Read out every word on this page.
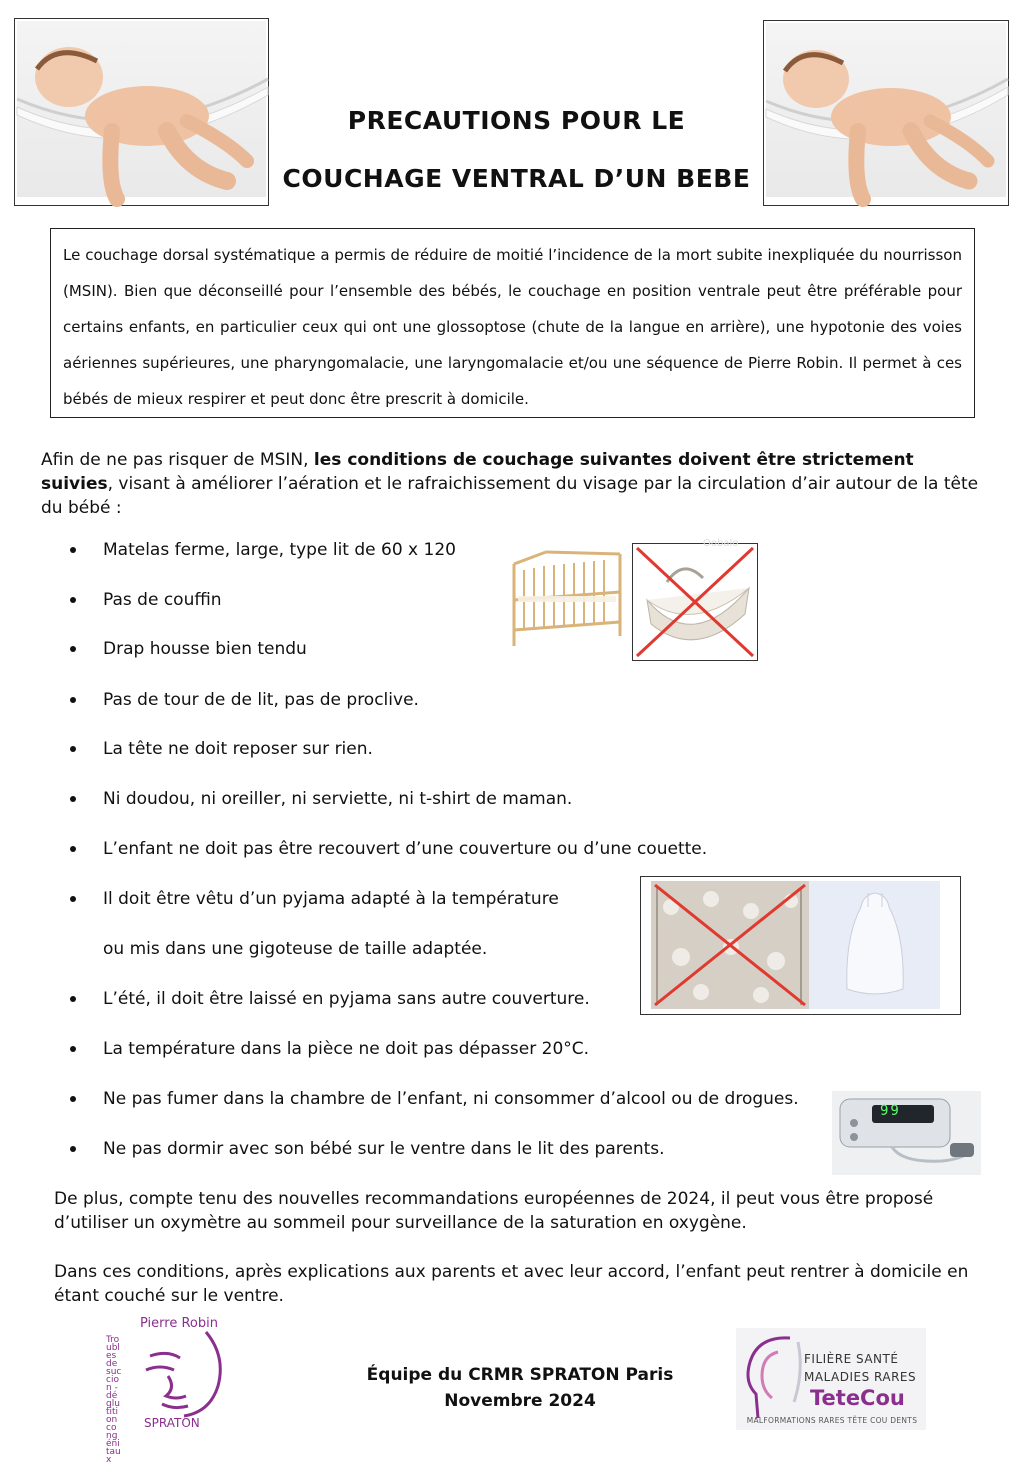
PRECAUTIONS POUR LE
COUCHAGE VENTRAL D’UN BEBE
Le couchage dorsal systématique a permis de réduire de moitié l’incidence de la mort subite inexpliquée du nourrisson (MSIN). Bien que déconseillé pour l’ensemble des bébés, le couchage en position ventrale peut être préférable pour certains enfants, en particulier ceux qui ont une glossoptose (chute de la langue en arrière), une hypotonie des voies aériennes supérieures, une pharyngomalacie, une laryngomalacie et/ou une séquence de Pierre Robin. Il permet à ces bébés de mieux respirer et peut donc être prescrit à domicile.
Afin de ne pas risquer de MSIN, les conditions de couchage suivantes doivent être strictement suivies, visant à améliorer l’aération et le rafraichissement du visage par la circulation d’air autour de la tête du bébé :
Matelas ferme, large, type lit de 60 x 120
Pas de couffin
Drap housse bien tendu
Pas de tour de de lit, pas de proclive.
La tête ne doit reposer sur rien.
Ni doudou, ni oreiller, ni serviette, ni t-shirt de maman.
L’enfant ne doit pas être recouvert d’une couverture ou d’une couette.
Il doit être vêtu d’un pyjama adapté à la température
ou mis dans une gigoteuse de taille adaptée.
L’été, il doit être laissé en pyjama sans autre couverture.
La température dans la pièce ne doit pas dépasser 20°C.
Ne pas fumer dans la chambre de l’enfant, ni consommer d’alcool ou de drogues.
Ne pas dormir avec son bébé sur le ventre dans le lit des parents.
Oobalo
99
De plus, compte tenu des nouvelles recommandations européennes de 2024, il peut vous être proposé d’utiliser un oxymètre au sommeil pour surveillance de la saturation en oxygène.
Dans ces conditions, après explications aux parents et avec leur accord, l’enfant peut rentrer à domicile en étant couché sur le ventre.
Pierre Robin
Troubles de succion - déglutition congénitaux
SPRATON
Équipe du CRMR SPRATON Paris
Novembre 2024
FILIÈRE SANTÉ
MALADIES RARES
TeteCou
MALFORMATIONS RARES TÊTE COU DENTS
